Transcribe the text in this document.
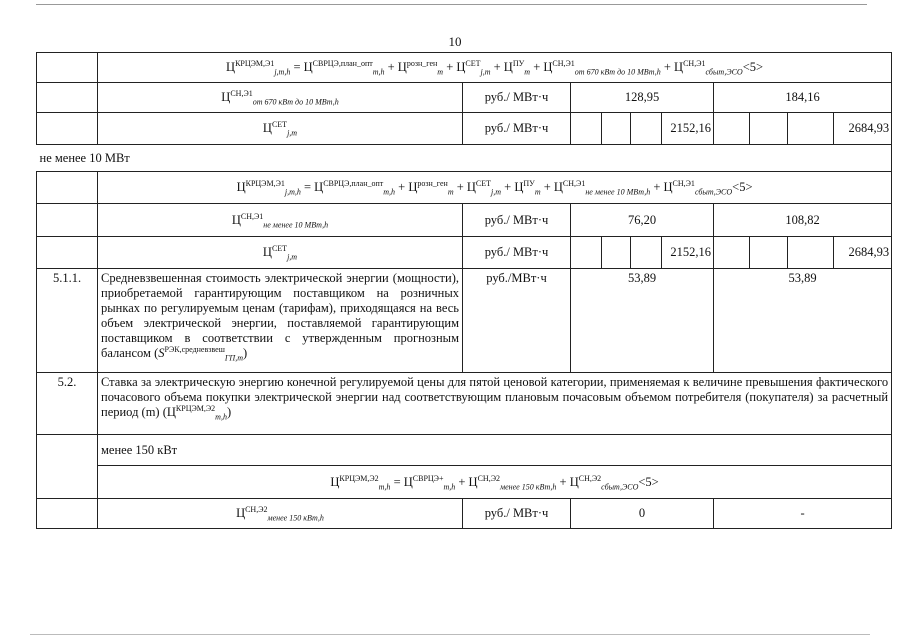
10
	$Ц^{КРЦЭМ,Э1}_{j,m,h} = Ц^{СВРЦЭ,план\_опт}_{m,h} + Ц^{розн\_ген}_m + Ц^{СЕТ}_{j,m} + Ц^{ПУ}_m + Ц^{СН,Э1}_{от 670 кВт до 10 МВт,h} + Ц^{СН,Э1}_{сбыт,ЭСО}<5>$									
	$Ц^{СН,Э1}_{от 670 кВт до 10 МВт,h}$	руб./ МВт·ч	128,95				184,16			
	$Ц^{СЕТ}_{j,m}$	руб./ МВт·ч				2152,16				2684,93
не менее 10 МВт										
	$Ц^{КРЦЭМ,Э1}_{j,m,h} = Ц^{СВРЦЭ,план\_опт}_{m,h} + Ц^{розн\_ген}_m + Ц^{СЕТ}_{j,m} + Ц^{ПУ}_m + Ц^{СН,Э1}_{не менее 10 МВт,h} + Ц^{СН,Э1}_{сбыт,ЭСО}<5>$									
	$Ц^{СН,Э1}_{не менее 10 МВт,h}$	руб./ МВт·ч	76,20				108,82			
	$Ц^{СЕТ}_{j,m}$	руб./ МВт·ч				2152,16				2684,93
5.1.1.	Средневзвешенная стоимость электрической энергии (мощности), приобретаемой гарантирующим поставщиком на розничных рынках по регулируемым ценам (тарифам), приходящаяся на весь объем электрической энергии, поставляемой гарантирующим поставщиком в соответствии с утвержденным прогнозным балансом $(S^{РЭК,средневзвеш}_{ГП,m})$	руб./МВт·ч	53,89				53,89			
5.2.	Ставка за электрическую энергию конечной регулируемой цены для пятой ценовой категории, применяемая к величине превышения фактического почасового объема покупки электрической энергии над соответствующим плановым почасовым объемом потребителя (покупателя) за расчетный период (m) $(Ц^{КРЦЭМ,Э2}_{m,h})$									
	менее 150 кВт									
	$Ц^{КРЦЭМ,Э2}_{m,h} = Ц^{СВРЦЭ+}_{m,h} + Ц^{СН,Э2}_{менее 150 кВт,h} + Ц^{СН,Э2}_{сбыт,ЭСО}<5>$									
	$Ц^{СН,Э2}_{менее 150 кВт,h}$	руб./ МВт·ч	0				-			
